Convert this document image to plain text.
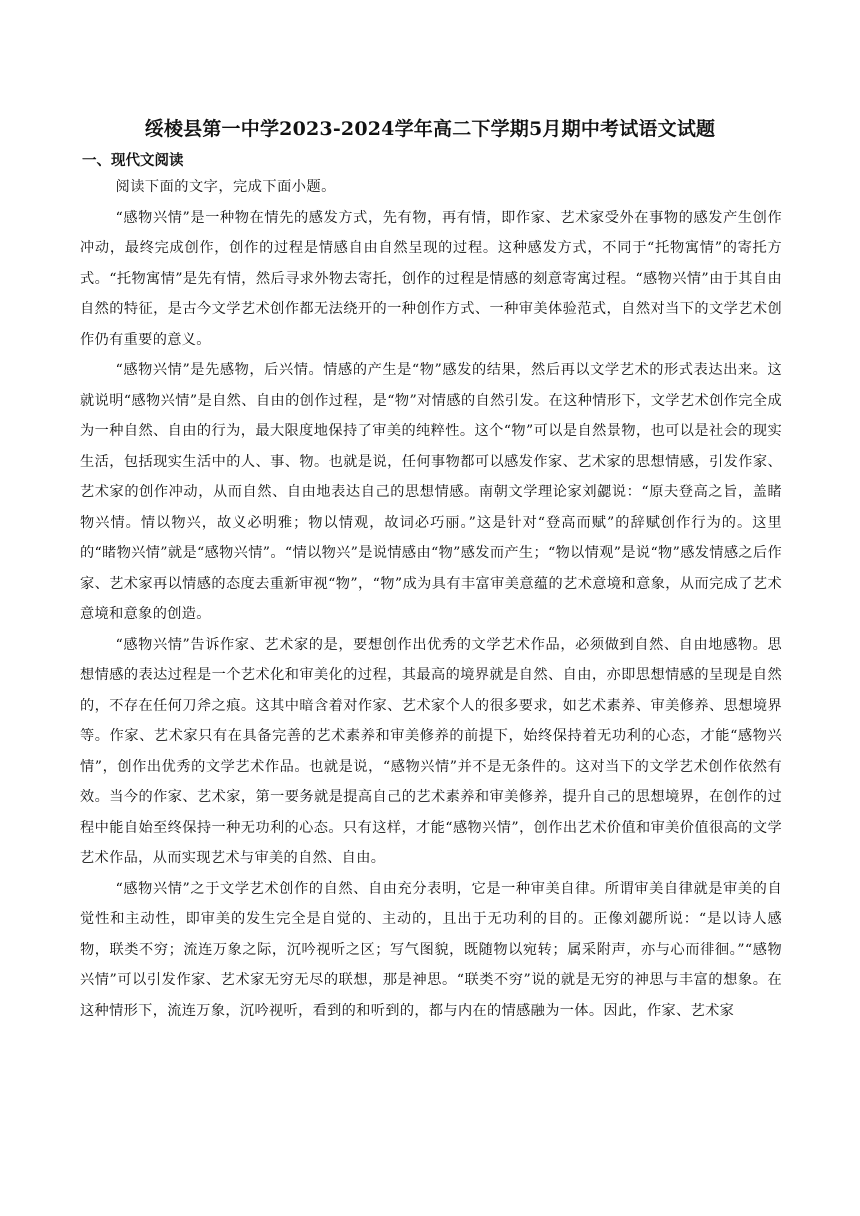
绥棱县第一中学2023-2024学年高二下学期5月期中考试语文试题
一、现代文阅读

阅读下面的文字，完成下面小题。

“感物兴情”是一种物在情先的感发方式，先有物，再有情，即作家、艺术家受外在事物的感发产生创作冲动，最终完成创作，创作的过程是情感自由自然呈现的过程。这种感发方式，不同于“托物寓情”的寄托方式。“托物寓情”是先有情，然后寻求外物去寄托，创作的过程是情感的刻意寄寓过程。“感物兴情”由于其自由自然的特征，是古今文学艺术创作都无法绕开的一种创作方式、一种审美体验范式，自然对当下的文学艺术创作仍有重要的意义。

“感物兴情”是先感物，后兴情。情感的产生是“物”感发的结果，然后再以文学艺术的形式表达出来。这就说明“感物兴情”是自然、自由的创作过程，是“物”对情感的自然引发。在这种情形下，文学艺术创作完全成为一种自然、自由的行为，最大限度地保持了审美的纯粹性。这个“物”可以是自然景物，也可以是社会的现实生活，包括现实生活中的人、事、物。也就是说，任何事物都可以感发作家、艺术家的思想情感，引发作家、艺术家的创作冲动，从而自然、自由地表达自己的思想情感。南朝文学理论家刘勰说：“原夫登高之旨，盖睹物兴情。情以物兴，故义必明雅；物以情观，故词必巧丽。”这是针对“登高而赋”的辞赋创作行为的。这里的“睹物兴情”就是“感物兴情”。“情以物兴”是说情感由“物”感发而产生；“物以情观”是说“物”感发情感之后作家、艺术家再以情感的态度去重新审视“物”，“物”成为具有丰富审美意蕴的艺术意境和意象，从而完成了艺术意境和意象的创造。

“感物兴情”告诉作家、艺术家的是，要想创作出优秀的文学艺术作品，必须做到自然、自由地感物。思想情感的表达过程是一个艺术化和审美化的过程，其最高的境界就是自然、自由，亦即思想情感的呈现是自然的，不存在任何刀斧之痕。这其中暗含着对作家、艺术家个人的很多要求，如艺术素养、审美修养、思想境界等。作家、艺术家只有在具备完善的艺术素养和审美修养的前提下，始终保持着无功利的心态，才能“感物兴情”，创作出优秀的文学艺术作品。也就是说，“感物兴情”并不是无条件的。这对当下的文学艺术创作依然有效。当今的作家、艺术家，第一要务就是提高自己的艺术素养和审美修养，提升自己的思想境界，在创作的过程中能自始至终保持一种无功利的心态。只有这样，才能“感物兴情”，创作出艺术价值和审美价值很高的文学艺术作品，从而实现艺术与审美的自然、自由。

“感物兴情”之于文学艺术创作的自然、自由充分表明，它是一种审美自律。所谓审美自律就是审美的自觉性和主动性，即审美的发生完全是自觉的、主动的，且出于无功利的目的。正像刘勰所说：“是以诗人感物，联类不穷；流连万象之际，沉吟视听之区；写气图貌，既随物以宛转；属采附声，亦与心而徘徊。”“感物兴情”可以引发作家、艺术家无穷无尽的联想，那是神思。“联类不穷”说的就是无穷的神思与丰富的想象。在这种情形下，流连万象，沉吟视听，看到的和听到的，都与内在的情感融为一体。因此，作家、艺术家
